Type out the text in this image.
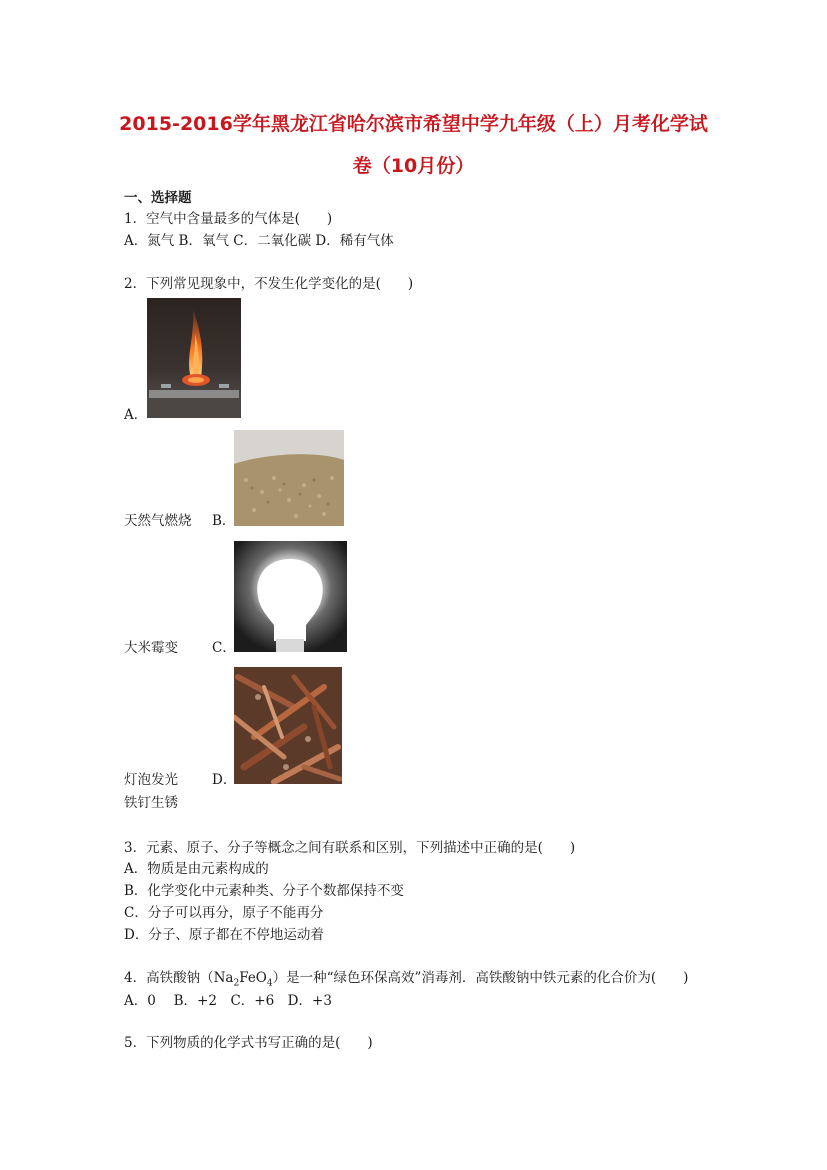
2015-2016学年黑龙江省哈尔滨市希望中学九年级（上）月考化学试
卷（10月份）
一、选择题
1．空气中含量最多的气体是(　　)
A．氮气 B．氧气 C．二氧化碳 D．稀有气体
2．下列常见现象中，不发生化学变化的是(　　)
A．
天然气燃烧 B．
大米霉变	C．
灯泡发光	D．
铁钉生锈
3．元素、原子、分子等概念之间有联系和区别，下列描述中正确的是(　　)
A．物质是由元素构成的
B．化学变化中元素种类、分子个数都保持不变
C．分子可以再分，原子不能再分
D．分子、原子都在不停地运动着
4．高铁酸钠$(Na_2FeO_4)$是一种“绿色环保高效”消毒剂．高铁酸钠中铁元素的化合价为(　　)
A．0　 B．+2　C．+6　D．+3
5．下列物质的化学式书写正确的是(　　)
